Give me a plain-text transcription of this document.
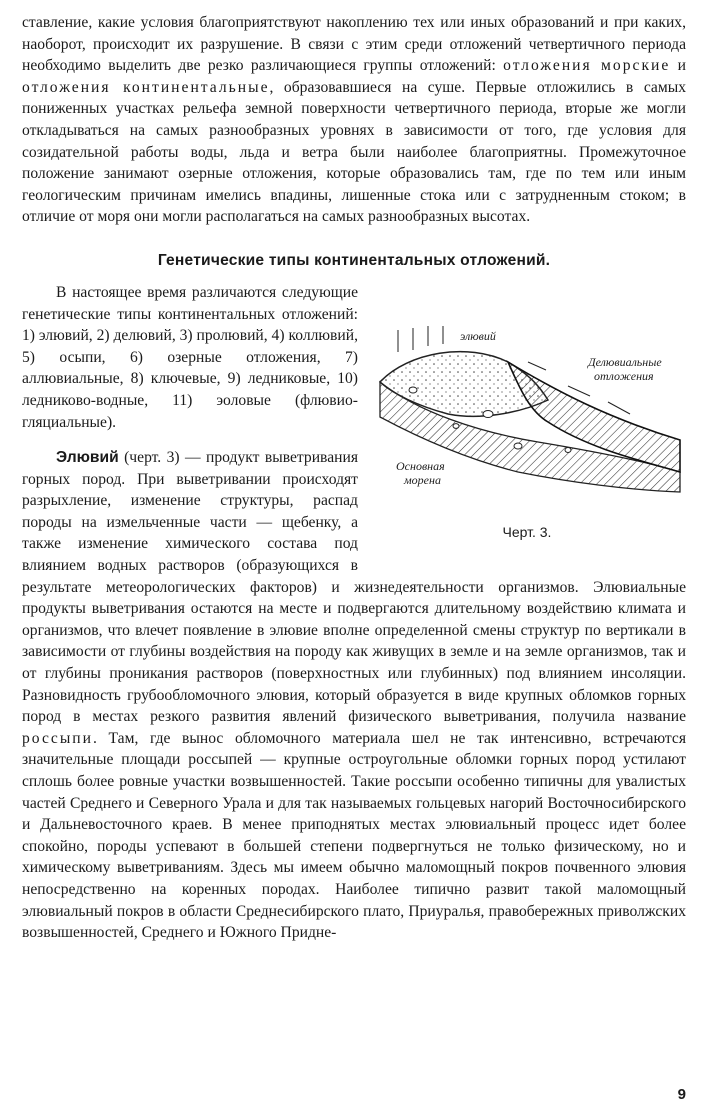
ставление, какие условия благоприятствуют накоплению тех или иных образований и при каких, наоборот, происходит их разрушение. В связи с этим среди отложений четвертичного периода необходимо выделить две резко различающиеся группы отложений: отложения морские и отложения континентальные, образовавшиеся на суше. Первые отложились в самых пониженных участках рельефа земной поверхности четвертичного периода, вторые же могли откладываться на самых разнообразных уровнях в зависимости от того, где условия для созидательной работы воды, льда и ветра были наиболее благоприятны. Промежуточное положение занимают озерные отложения, которые образовались там, где по тем или иным геологическим причинам имелись впадины, лишенные стока или с затрудненным стоком; в отличие от моря они могли располагаться на самых разнообразных высотах.

Генетические типы континентальных отложений.
элювий
Делювиальные
отложения
Основная
морена
Черт. 3.

В настоящее время различаются следующие генетические типы континентальных отложений: 1) элювий, 2) делювий, 3) пролювий, 4) коллювий, 5) осыпи, 6) озерные отложения, 7) аллювиальные, 8) ключевые, 9) ледниковые, 10) ледниково-водные, 11) эоловые (флювио-гляциальные).

Элювий (черт. 3) — продукт выветривания горных пород. При выветривании происходят разрыхление, изменение структуры, распад породы на измельченные части — щебенку, а также изменение химического состава под влиянием водных растворов (образующихся в результате метеорологических факторов) и жизнедеятельности организмов. Элювиальные продукты выветривания остаются на месте и подвергаются длительному воздействию климата и организмов, что влечет появление в элювие вполне определенной смены структур по вертикали в зависимости от глубины воздействия на породу как живущих в земле и на земле организмов, так и от глубины проникания растворов (поверхностных или глубинных) под влиянием инсоляции. Разновидность грубообломочного элювия, который образуется в виде крупных обломков горных пород в местах резкого развития явлений физического выветривания, получила название россыпи. Там, где вынос обломочного материала шел не так интенсивно, встречаются значительные площади россыпей — крупные остроугольные обломки горных пород устилают сплошь более ровные участки возвышенностей. Такие россыпи особенно типичны для увалистых частей Среднего и Северного Урала и для так называемых гольцевых нагорий Восточносибирского и Дальневосточного краев. В менее приподнятых местах элювиальный процесс идет более спокойно, породы успевают в большей степени подвергнуться не только физическому, но и химическому выветриваниям. Здесь мы имеем обычно маломощный покров почвенного элювия непосредственно на коренных породах. Наиболее типично развит такой маломощный элювиальный покров в области Среднесибирского плато, Приуралья, правобережных приволжских возвышенностей, Среднего и Южного Придне-

9
